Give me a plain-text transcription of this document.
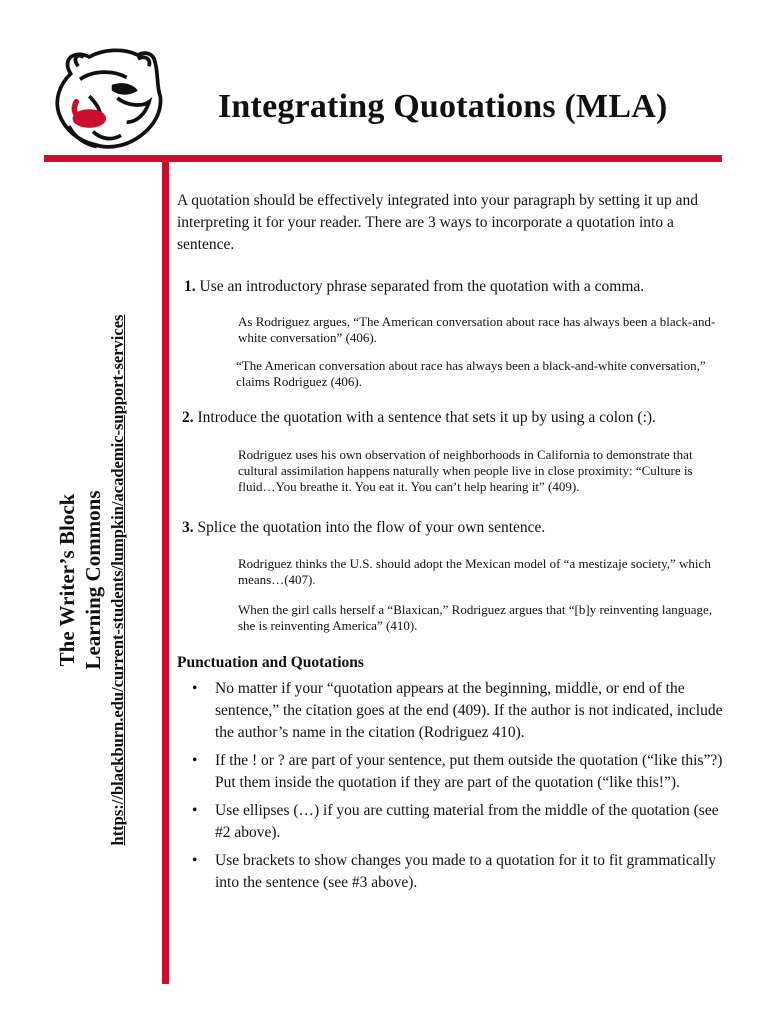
Integrating Quotations (MLA)
The Writer’s Block Learning Commons https://blackburn.edu/current-students/lumpkin/academic-support-services

A quotation should be effectively integrated into your paragraph by setting it up and interpreting it for your reader. There are 3 ways to incorporate a quotation into a sentence.

1. Use an introductory phrase separated from the quotation with a comma.

As Rodriguez argues, “The American conversation about race has always been a black-and-white conversation” (406).

“The American conversation about race has always been a black-and-white conversation,” claims Rodriguez (406).

2. Introduce the quotation with a sentence that sets it up by using a colon (:).

Rodriguez uses his own observation of neighborhoods in California to demonstrate that cultural assimilation happens naturally when people live in close proximity: “Culture is fluid…You breathe it. You eat it. You can’t help hearing it” (409).

3. Splice the quotation into the flow of your own sentence.

Rodriguez thinks the U.S. should adopt the Mexican model of “a mestizaje society,” which means…(407).

When the girl calls herself a “Blaxican,” Rodriguez argues that “[b]y reinventing language, she is reinventing America” (410).

Punctuation and Quotations

• No matter if your “quotation appears at the beginning, middle, or end of the sentence,” the citation goes at the end (409). If the author is not indicated, include the author’s name in the citation (Rodriguez 410).
• If the ! or ? are part of your sentence, put them outside the quotation (“like this”?) Put them inside the quotation if they are part of the quotation (“like this!”).
• Use ellipses (…) if you are cutting material from the middle of the quotation (see #2 above).
• Use brackets to show changes you made to a quotation for it to fit grammatically into the sentence (see #3 above).
